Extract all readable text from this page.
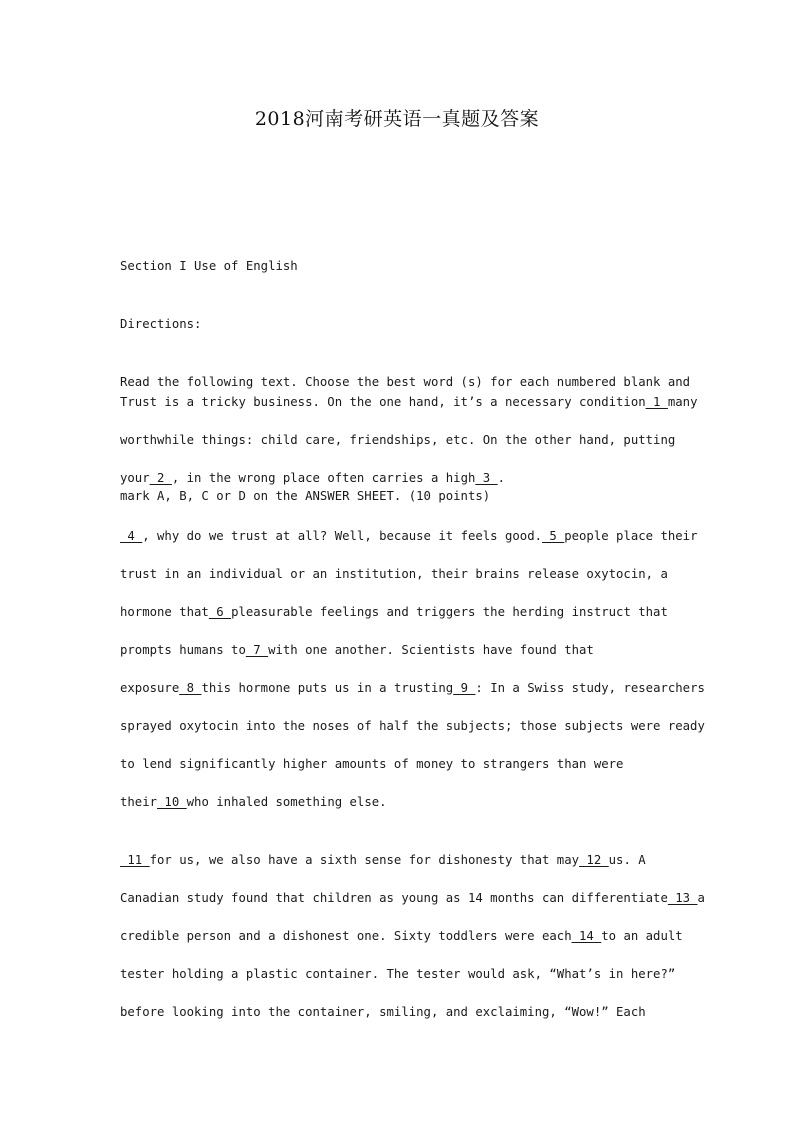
2018河南考研英语一真题及答案

Section I Use of English

Directions:

Read the following text. Choose the best word (s) for each numbered blank and

mark A, B, C or D on the ANSWER SHEET. (10 points)

Trust is a tricky business. On the one hand, it’s a necessary condition_1_many
worthwhile things: child care, friendships, etc. On the other hand, putting
your_2_, in the wrong place often carries a high_3_.
_4_, why do we trust at all? Well, because it feels good._5_people place their
trust in an individual or an institution, their brains release oxytocin, a
hormone that_6_pleasurable feelings and triggers the herding instruct that
prompts humans to_7_with one another. Scientists have found that
exposure_8_this hormone puts us in a trusting_9_: In a Swiss study, researchers
sprayed oxytocin into the noses of half the subjects; those subjects were ready
to lend significantly higher amounts of money to strangers than were
their_10_who inhaled something else.
_11_for us, we also have a sixth sense for dishonesty that may_12_us. A
Canadian study found that children as young as 14 months can differentiate_13_a
credible person and a dishonest one. Sixty toddlers were each_14_to an adult
tester holding a plastic container. The tester would ask, “What’s in here?”
before looking into the container, smiling, and exclaiming, “Wow!” Each
